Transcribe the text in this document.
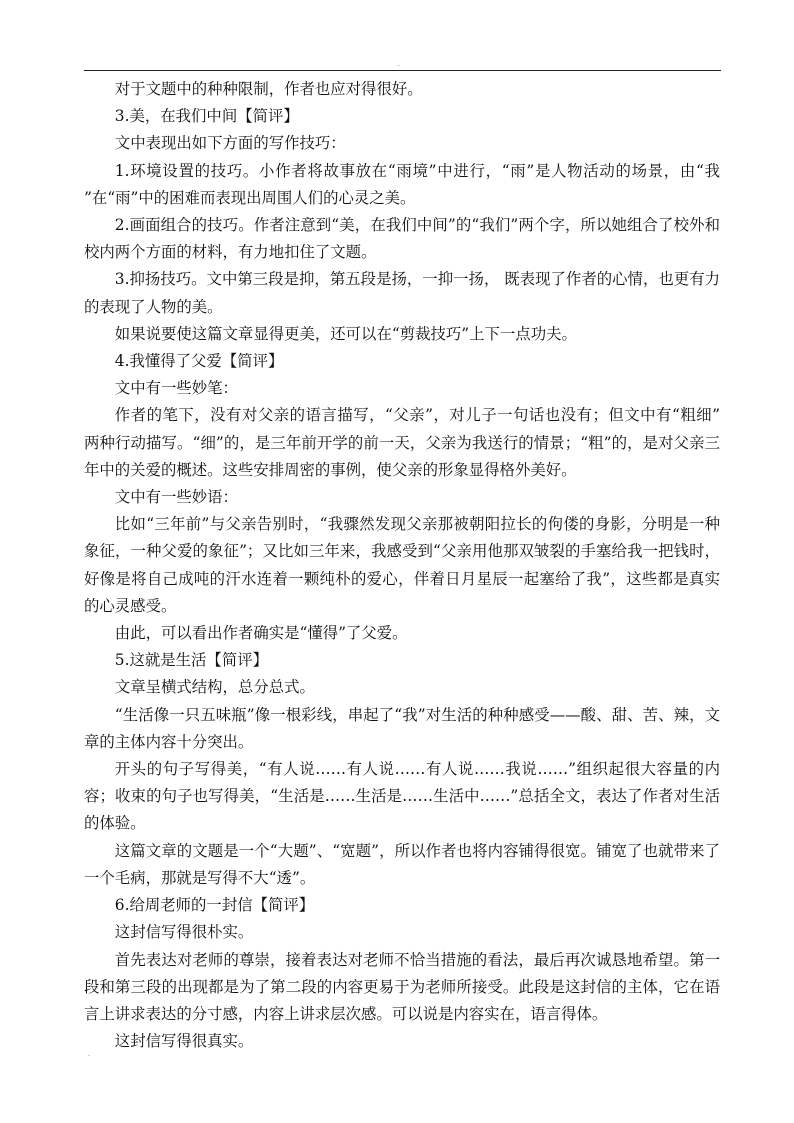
.

对于文题中的种种限制，作者也应对得很好。

3.美，在我们中间【简评】

文中表现出如下方面的写作技巧：

1.环境设置的技巧。小作者将故事放在“雨境”中进行，“雨”是人物活动的场景，由“我 ”在“雨”中的困难而表现出周围人们的心灵之美。

2.画面组合的技巧。作者注意到“美，在我们中间”的“我们”两个字，所以她组合了校外和校内两个方面的材料，有力地扣住了文题。

3.抑扬技巧。文中第三段是抑，第五段是扬，一抑一扬， 既表现了作者的心情，也更有力的表现了人物的美。

如果说要使这篇文章显得更美，还可以在“剪裁技巧”上下一点功夫。

4.我懂得了父爱【简评】

文中有一些妙笔：

作者的笔下，没有对父亲的语言描写，“父亲”，对儿子一句话也没有；但文中有“粗细” 两种行动描写。“细”的，是三年前开学的前一天，父亲为我送行的情景；“粗”的，是对父亲三年中的关爱的概述。这些安排周密的事例，使父亲的形象显得格外美好。

文中有一些妙语：

比如“三年前”与父亲告别时，“我骤然发现父亲那被朝阳拉长的佝偻的身影，分明是一种象征，一种父爱的象征”；又比如三年来，我感受到“父亲用他那双皱裂的手塞给我一把钱时，好像是将自己成吨的汗水连着一颗纯朴的爱心，伴着日月星辰一起塞给了我”，这些都是真实的心灵感受。

由此，可以看出作者确实是“懂得”了父爱。

5.这就是生活【简评】

文章呈横式结构，总分总式。

“生活像一只五味瓶”像一根彩线，串起了“我”对生活的种种感受——酸、甜、苦、辣，文章的主体内容十分突出。

开头的句子写得美，“有人说……有人说……有人说……我说……”组织起很大容量的内容；收束的句子也写得美，“生活是……生活是……生活中……”总括全文，表达了作者对生活的体验。

这篇文章的文题是一个“大题”、“宽题”，所以作者也将内容铺得很宽。铺宽了也就带来了一个毛病，那就是写得不大“透”。

6.给周老师的一封信【简评】

这封信写得很朴实。

首先表达对老师的尊崇，接着表达对老师不恰当措施的看法，最后再次诚恳地希望。第一段和第三段的出现都是为了第二段的内容更易于为老师所接受。此段是这封信的主体，它在语言上讲求表达的分寸感，内容上讲求层次感。可以说是内容实在，语言得体。

这封信写得很真实。

.
